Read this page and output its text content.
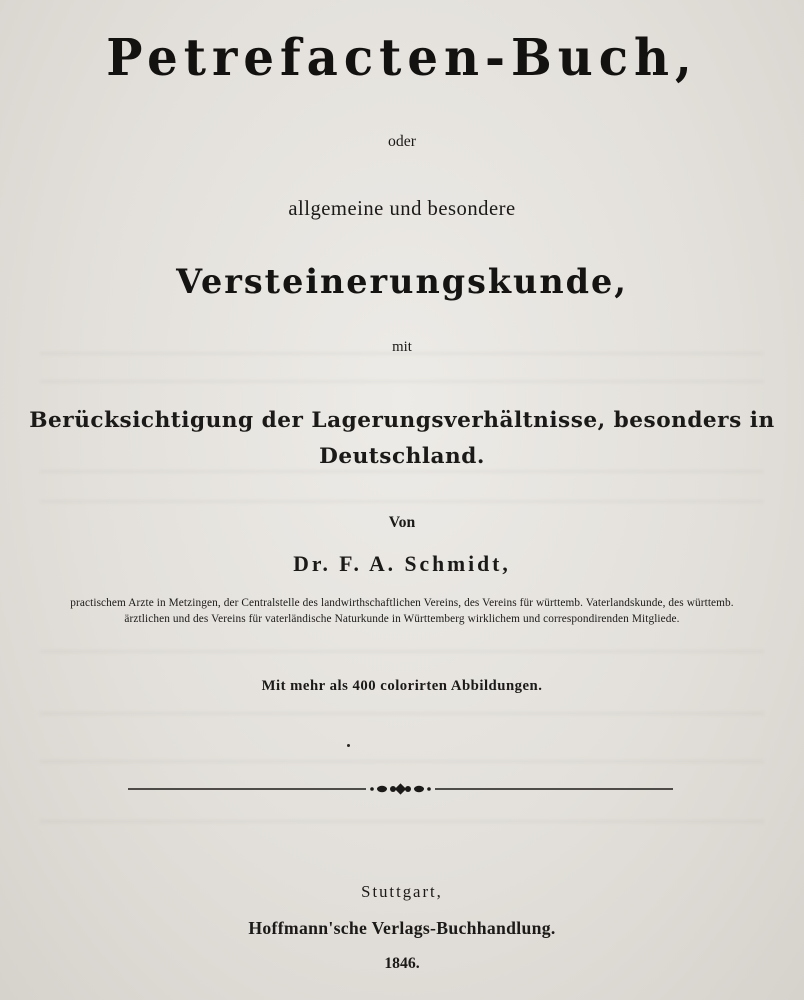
Petrefacten-Buch,
oder
allgemeine und besondere
Versteinerungskunde,
mit
Berücksichtigung der Lagerungsverhältnisse, besonders in
Deutschland.
Von
Dr. F. A. Schmidt,
practischem Arzte in Metzingen, der Centralstelle des landwirthschaftlichen Vereins, des Vereins für württemb. Vaterlandskunde, des württemb.
ärztlichen und des Vereins für vaterländische Naturkunde in Württemberg wirklichem und correspondirenden Mitgliede.
Mit mehr als 400 colorirten Abbildungen.
Stuttgart,
Hoffmann'sche Verlags-Buchhandlung.
1846.
